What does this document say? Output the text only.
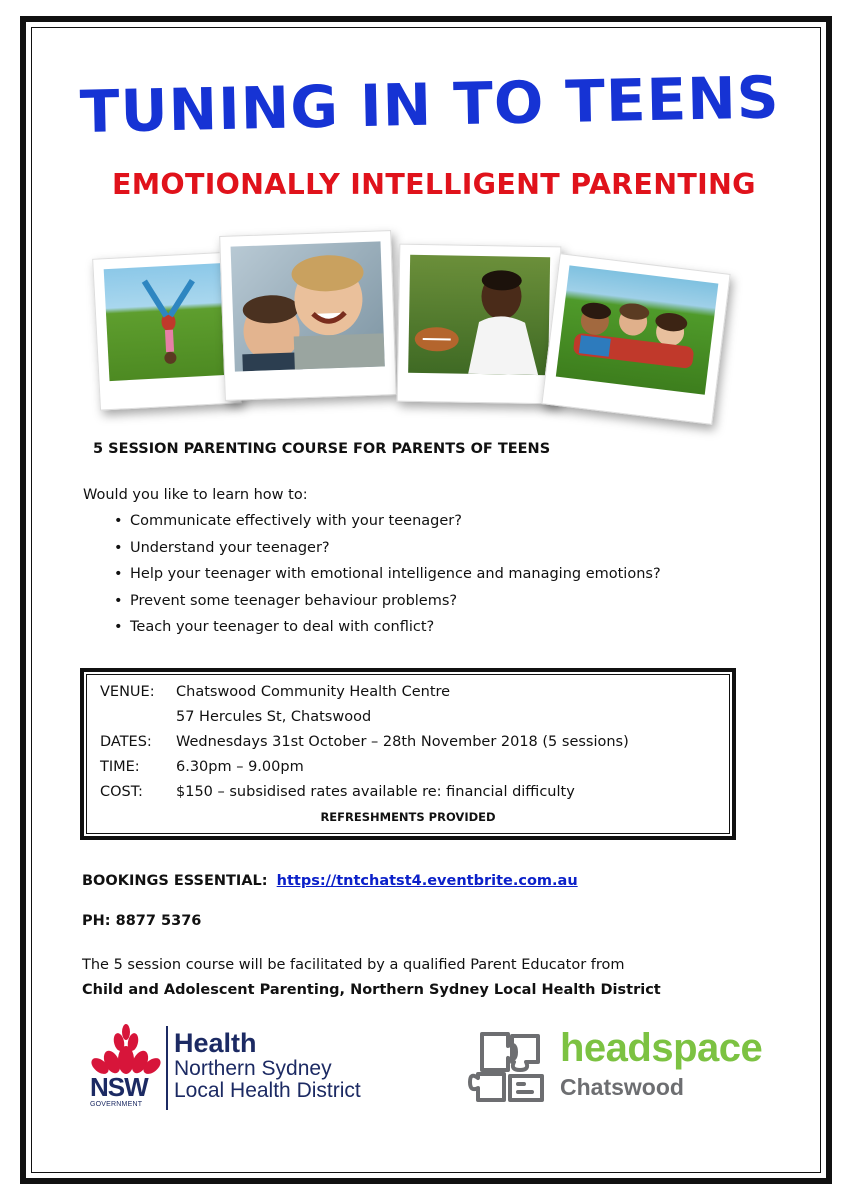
TUNING IN TO TEENS
EMOTIONALLY INTELLIGENT PARENTING
5 SESSION PARENTING COURSE FOR PARENTS OF TEENS
Would you like to learn how to:
• Communicate effectively with your teenager?
• Understand your teenager?
• Help your teenager with emotional intelligence and managing emotions?
• Prevent some teenager behaviour problems?
• Teach your teenager to deal with conflict?
VENUE: Chatswood Community Health Centre
57 Hercules St, Chatswood
DATES: Wednesdays 31st October – 28th November 2018 (5 sessions)
TIME:	6.30pm – 9.00pm
COST: $150 – subsidised rates available re: financial difficulty
REFRESHMENTS PROVIDED
BOOKINGS ESSENTIAL: https://tntchatst4.eventbrite.com.au
PH: 8877 5376
The 5 session course will be facilitated by a qualified Parent Educator from
Child and Adolescent Parenting, Northern Sydney Local Health District
NSW
GOVERNMENT
Health
Northern Sydney
Local Health District
headspace
Chatswood
